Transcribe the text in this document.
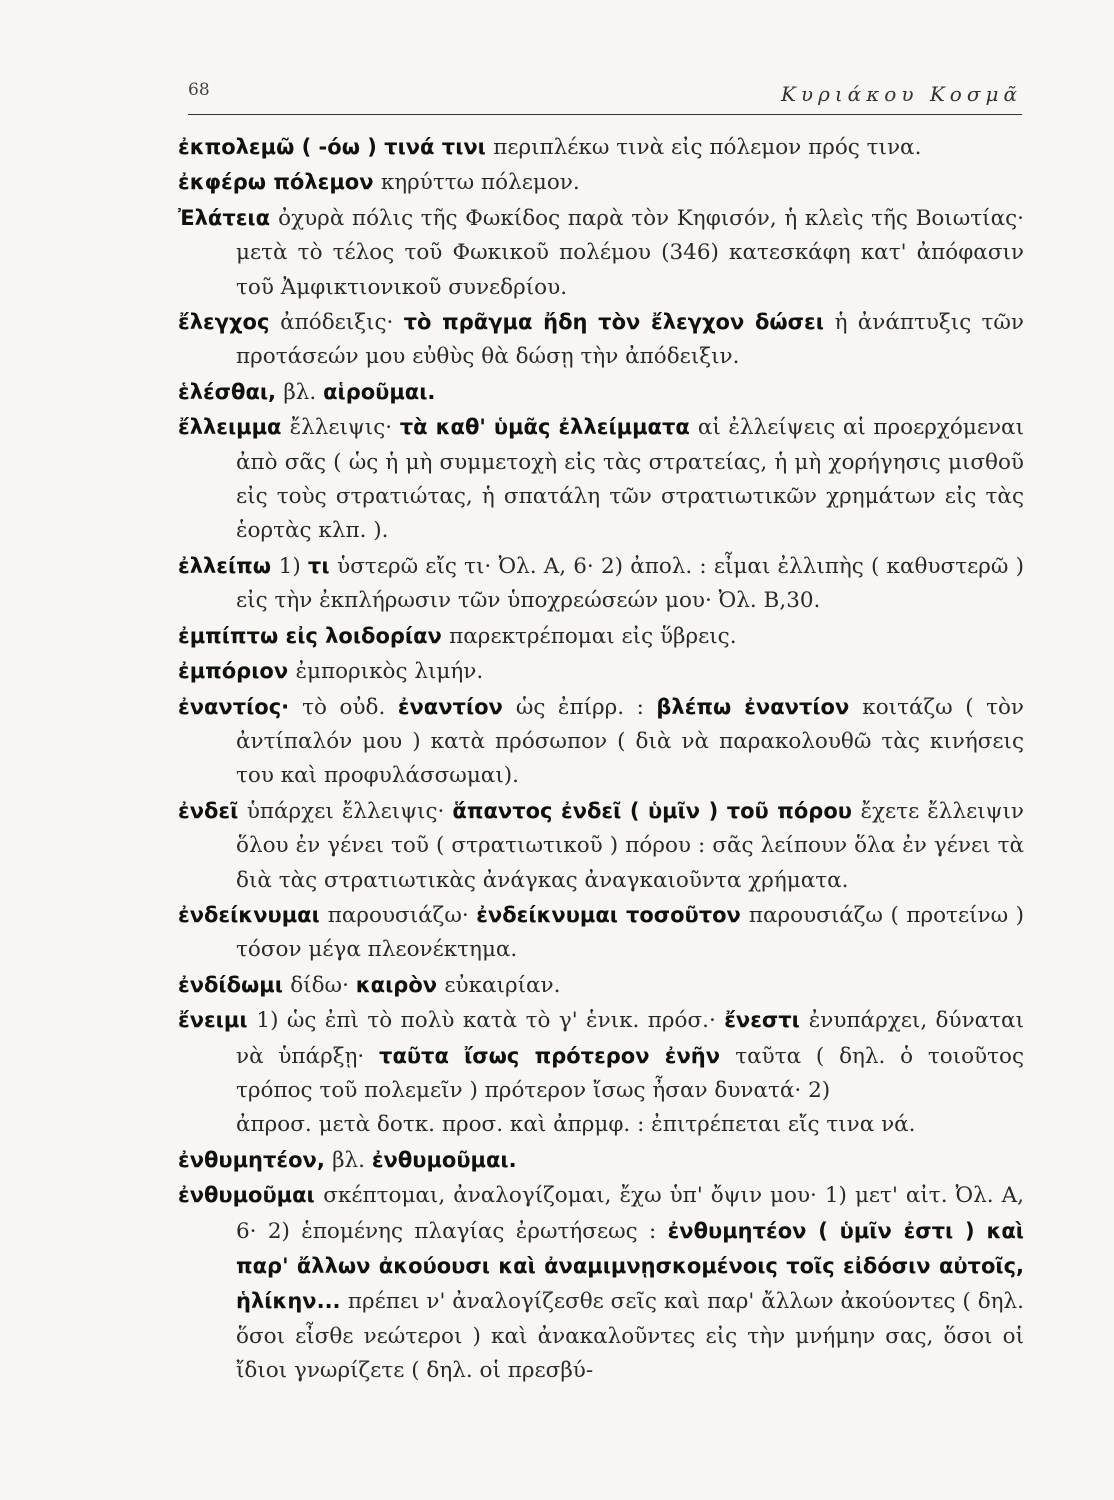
68	Κυριάκου Κοσμᾶ

ἐκπολεμῶ ( -όω ) τινά τινι περιπλέκω τινὰ εἰς πόλεμον πρός τινα.

ἐκφέρω πόλεμον κηρύττω πόλεμον.

Ἐλάτεια ὀχυρὰ πόλις τῆς Φωκίδος παρὰ τὸν Κηφισόν, ἡ κλεὶς τῆς Βοιωτίας· μετὰ τὸ τέλος τοῦ Φωκικοῦ πολέμου (346) κατεσκάφη κατ' ἀπόφασιν τοῦ Ἀμφικτιονικοῦ συνεδρίου.

ἔλεγχος ἀπόδειξις· τὸ πρᾶγμα ἤδη τὸν ἔλεγχον δώσει ἡ ἀνάπτυξις τῶν προτάσεών μου εὐθὺς θὰ δώσῃ τὴν ἀπόδειξιν.

ἑλέσθαι, βλ. αἱροῦμαι.

ἔλλειμμα ἔλλειψις· τὰ καθ' ὑμᾶς ἐλλείμματα αἱ ἐλλείψεις αἱ προερχόμεναι ἀπὸ σᾶς ( ὡς ἡ μὴ συμμετοχὴ εἰς τὰς στρατείας, ἡ μὴ χορήγησις μισθοῦ εἰς τοὺς στρατιώτας, ἡ σπατάλη τῶν στρατιωτικῶν χρημάτων εἰς τὰς ἑορτὰς κλπ. ).

ἐλλείπω 1) τι ὑστερῶ εἴς τι· Ὀλ. Α, 6· 2) ἀπολ. : εἶμαι ἐλλιπὴς ( καθυστερῶ ) εἰς τὴν ἐκπλήρωσιν τῶν ὑποχρεώσεών μου· Ὀλ. Β,30.

ἐμπίπτω εἰς λοιδορίαν παρεκτρέπομαι εἰς ὕβρεις.

ἐμπόριον ἐμπορικὸς λιμήν.

ἐναντίος· τὸ οὐδ. ἐναντίον ὡς ἐπίρρ. : βλέπω ἐναντίον κοιτάζω ( τὸν ἀντίπαλόν μου ) κατὰ πρόσωπον ( διὰ νὰ παρακολουθῶ τὰς κινήσεις του καὶ προφυλάσσωμαι).

ἐνδεῖ ὑπάρχει ἔλλειψις· ἅπαντος ἐνδεῖ ( ὑμῖν ) τοῦ πόρου ἔχετε ἔλλειψιν ὅλου ἐν γένει τοῦ ( στρατιωτικοῦ ) πόρου : σᾶς λείπουν ὅλα ἐν γένει τὰ διὰ τὰς στρατιωτικὰς ἀνάγκας ἀναγκαιοῦντα χρήματα.

ἐνδείκνυμαι παρουσιάζω· ἐνδείκνυμαι τοσοῦτον παρουσιάζω ( προτείνω ) τόσον μέγα πλεονέκτημα.

ἐνδίδωμι δίδω· καιρὸν εὐκαιρίαν.

ἔνειμι 1) ὡς ἐπὶ τὸ πολὺ κατὰ τὸ γ' ἑνικ. πρόσ.· ἔνεστι ἐνυπάρχει, δύναται νὰ ὑπάρξῃ· ταῦτα ἴσως πρότερον ἐνῆν ταῦτα ( δηλ. ὁ τοιοῦτος τρόπος τοῦ πολεμεῖν ) πρότερον ἴσως ἦσαν δυνατά· 2)

ἀπροσ. μετὰ δοτκ. προσ. καὶ ἀπρμφ. : ἐπιτρέπεται εἴς τινα νά.

ἐνθυμητέον, βλ. ἐνθυμοῦμαι.

ἐνθυμοῦμαι σκέπτομαι, ἀναλογίζομαι, ἔχω ὑπ' ὄψιν μου· 1) μετ' αἰτ. Ὀλ. Α, 6· 2) ἑπομένης πλαγίας ἐρωτήσεως : ἐνθυμητέον ( ὑμῖν ἐστι ) καὶ παρ' ἄλλων ἀκούουσι καὶ ἀναμιμνῃσκομένοις τοῖς εἰδόσιν αὐτοῖς, ἡλίκην... πρέπει ν' ἀναλογίζεσθε σεῖς καὶ παρ' ἄλλων ἀκούοντες ( δηλ. ὅσοι εἶσθε νεώτεροι ) καὶ ἀνακαλοῦντες εἰς τὴν μνήμην σας, ὅσοι οἱ ἴδιοι γνωρίζετε ( δηλ. οἱ πρεσβύ-
